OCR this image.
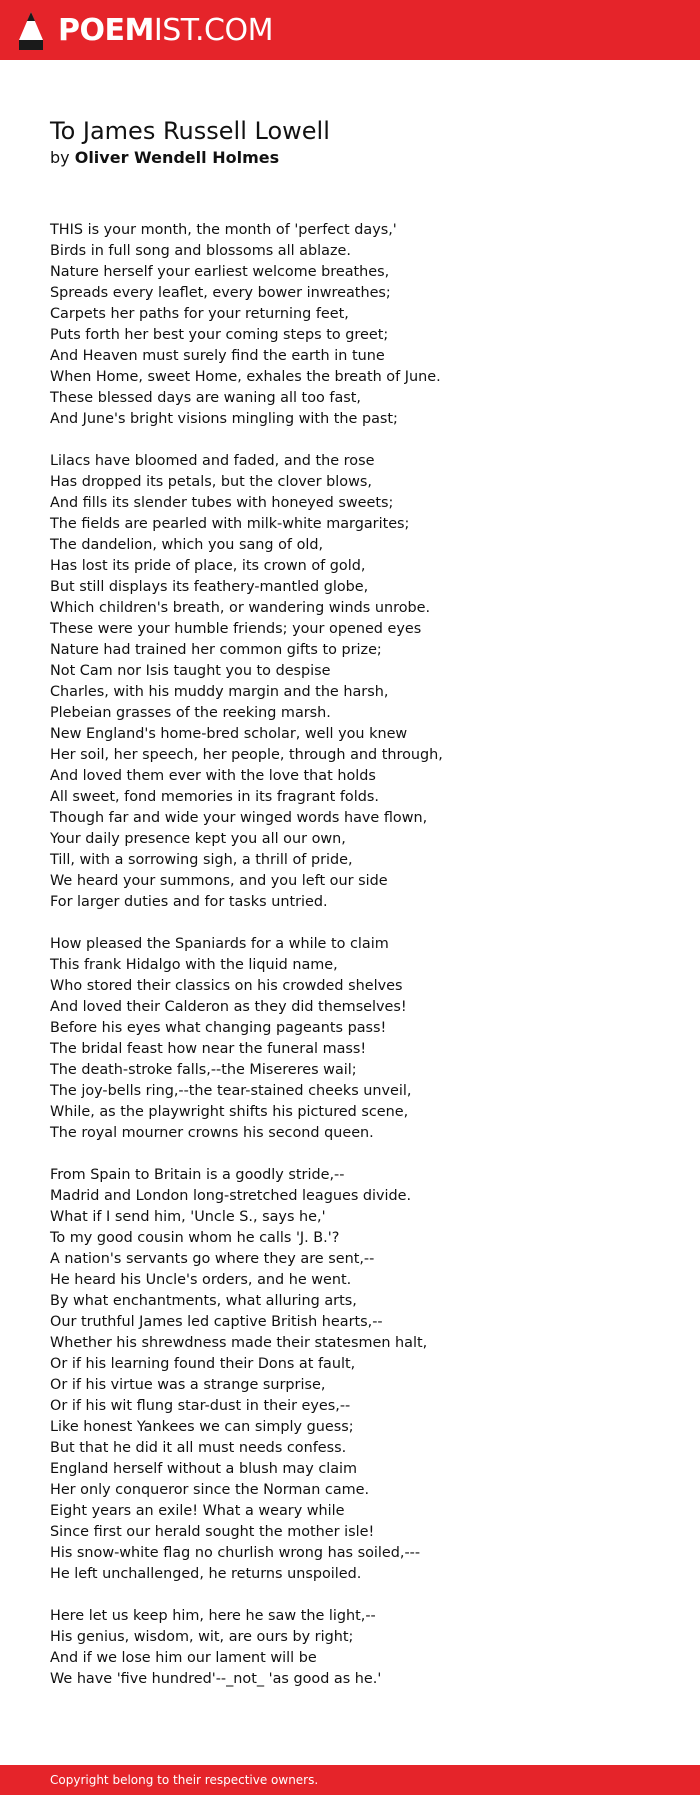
POEMIST.COM
To James Russell Lowell
by Oliver Wendell Holmes
THIS is your month, the month of 'perfect days,'
Birds in full song and blossoms all ablaze.
Nature herself your earliest welcome breathes,
Spreads every leaflet, every bower inwreathes;
Carpets her paths for your returning feet,
Puts forth her best your coming steps to greet;
And Heaven must surely find the earth in tune
When Home, sweet Home, exhales the breath of June.
These blessed days are waning all too fast,
And June's bright visions mingling with the past;
Lilacs have bloomed and faded, and the rose
Has dropped its petals, but the clover blows,
And fills its slender tubes with honeyed sweets;
The fields are pearled with milk-white margarites;
The dandelion, which you sang of old,
Has lost its pride of place, its crown of gold,
But still displays its feathery-mantled globe,
Which children's breath, or wandering winds unrobe.
These were your humble friends; your opened eyes
Nature had trained her common gifts to prize;
Not Cam nor Isis taught you to despise
Charles, with his muddy margin and the harsh,
Plebeian grasses of the reeking marsh.
New England's home-bred scholar, well you knew
Her soil, her speech, her people, through and through,
And loved them ever with the love that holds
All sweet, fond memories in its fragrant folds.
Though far and wide your winged words have flown,
Your daily presence kept you all our own,
Till, with a sorrowing sigh, a thrill of pride,
We heard your summons, and you left our side
For larger duties and for tasks untried.
How pleased the Spaniards for a while to claim
This frank Hidalgo with the liquid name,
Who stored their classics on his crowded shelves
And loved their Calderon as they did themselves!
Before his eyes what changing pageants pass!
The bridal feast how near the funeral mass!
The death-stroke falls,--the Misereres wail;
The joy-bells ring,--the tear-stained cheeks unveil,
While, as the playwright shifts his pictured scene,
The royal mourner crowns his second queen.
From Spain to Britain is a goodly stride,--
Madrid and London long-stretched leagues divide.
What if I send him, 'Uncle S., says he,'
To my good cousin whom he calls 'J. B.'?
A nation's servants go where they are sent,--
He heard his Uncle's orders, and he went.
By what enchantments, what alluring arts,
Our truthful James led captive British hearts,--
Whether his shrewdness made their statesmen halt,
Or if his learning found their Dons at fault,
Or if his virtue was a strange surprise,
Or if his wit flung star-dust in their eyes,--
Like honest Yankees we can simply guess;
But that he did it all must needs confess.
England herself without a blush may claim
Her only conqueror since the Norman came.
Eight years an exile! What a weary while
Since first our herald sought the mother isle!
His snow-white flag no churlish wrong has soiled,---
He left unchallenged, he returns unspoiled.
Here let us keep him, here he saw the light,--
His genius, wisdom, wit, are ours by right;
And if we lose him our lament will be
We have 'five hundred'--_not_ 'as good as he.'
Copyright belong to their respective owners.
